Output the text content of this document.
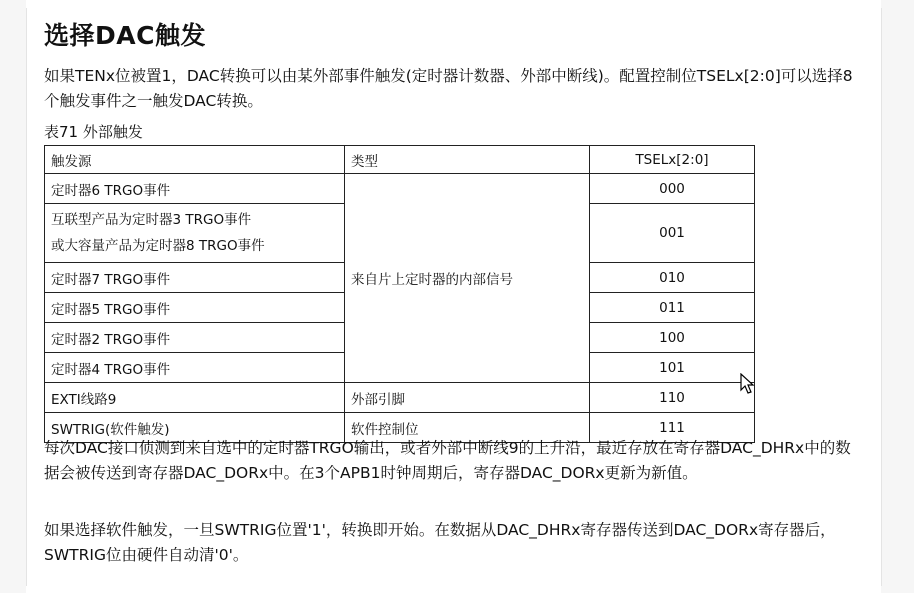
选择DAC触发

如果TENx位被置1，DAC转换可以由某外部事件触发(定时器计数器、外部中断线)。配置控制位TSELx[2:0]可以选择8个触发事件之一触发DAC转换。

表71 外部触发
触发源	类型	TSELx[2:0]
定时器6 TRGO事件	来自片上定时器的内部信号	000

互联型产品为定时器3 TRGO事件
或大容量产品为定时器8 TRGO事件		001
定时器7 TRGO事件		010
定时器5 TRGO事件		011
定时器2 TRGO事件		100
定时器4 TRGO事件		101
EXTI线路9	外部引脚	110
SWTRIG(软件触发)	软件控制位	111

每次DAC接口侦测到来自选中的定时器TRGO输出，或者外部中断线9的上升沿，最近存放在寄存器DAC_DHRx中的数据会被传送到寄存器DAC_DORx中。在3个APB1时钟周期后，寄存器DAC_DORx更新为新值。

如果选择软件触发，一旦SWTRIG位置'1'，转换即开始。在数据从DAC_DHRx寄存器传送到DAC_DORx寄存器后，SWTRIG位由硬件自动清'0'。
